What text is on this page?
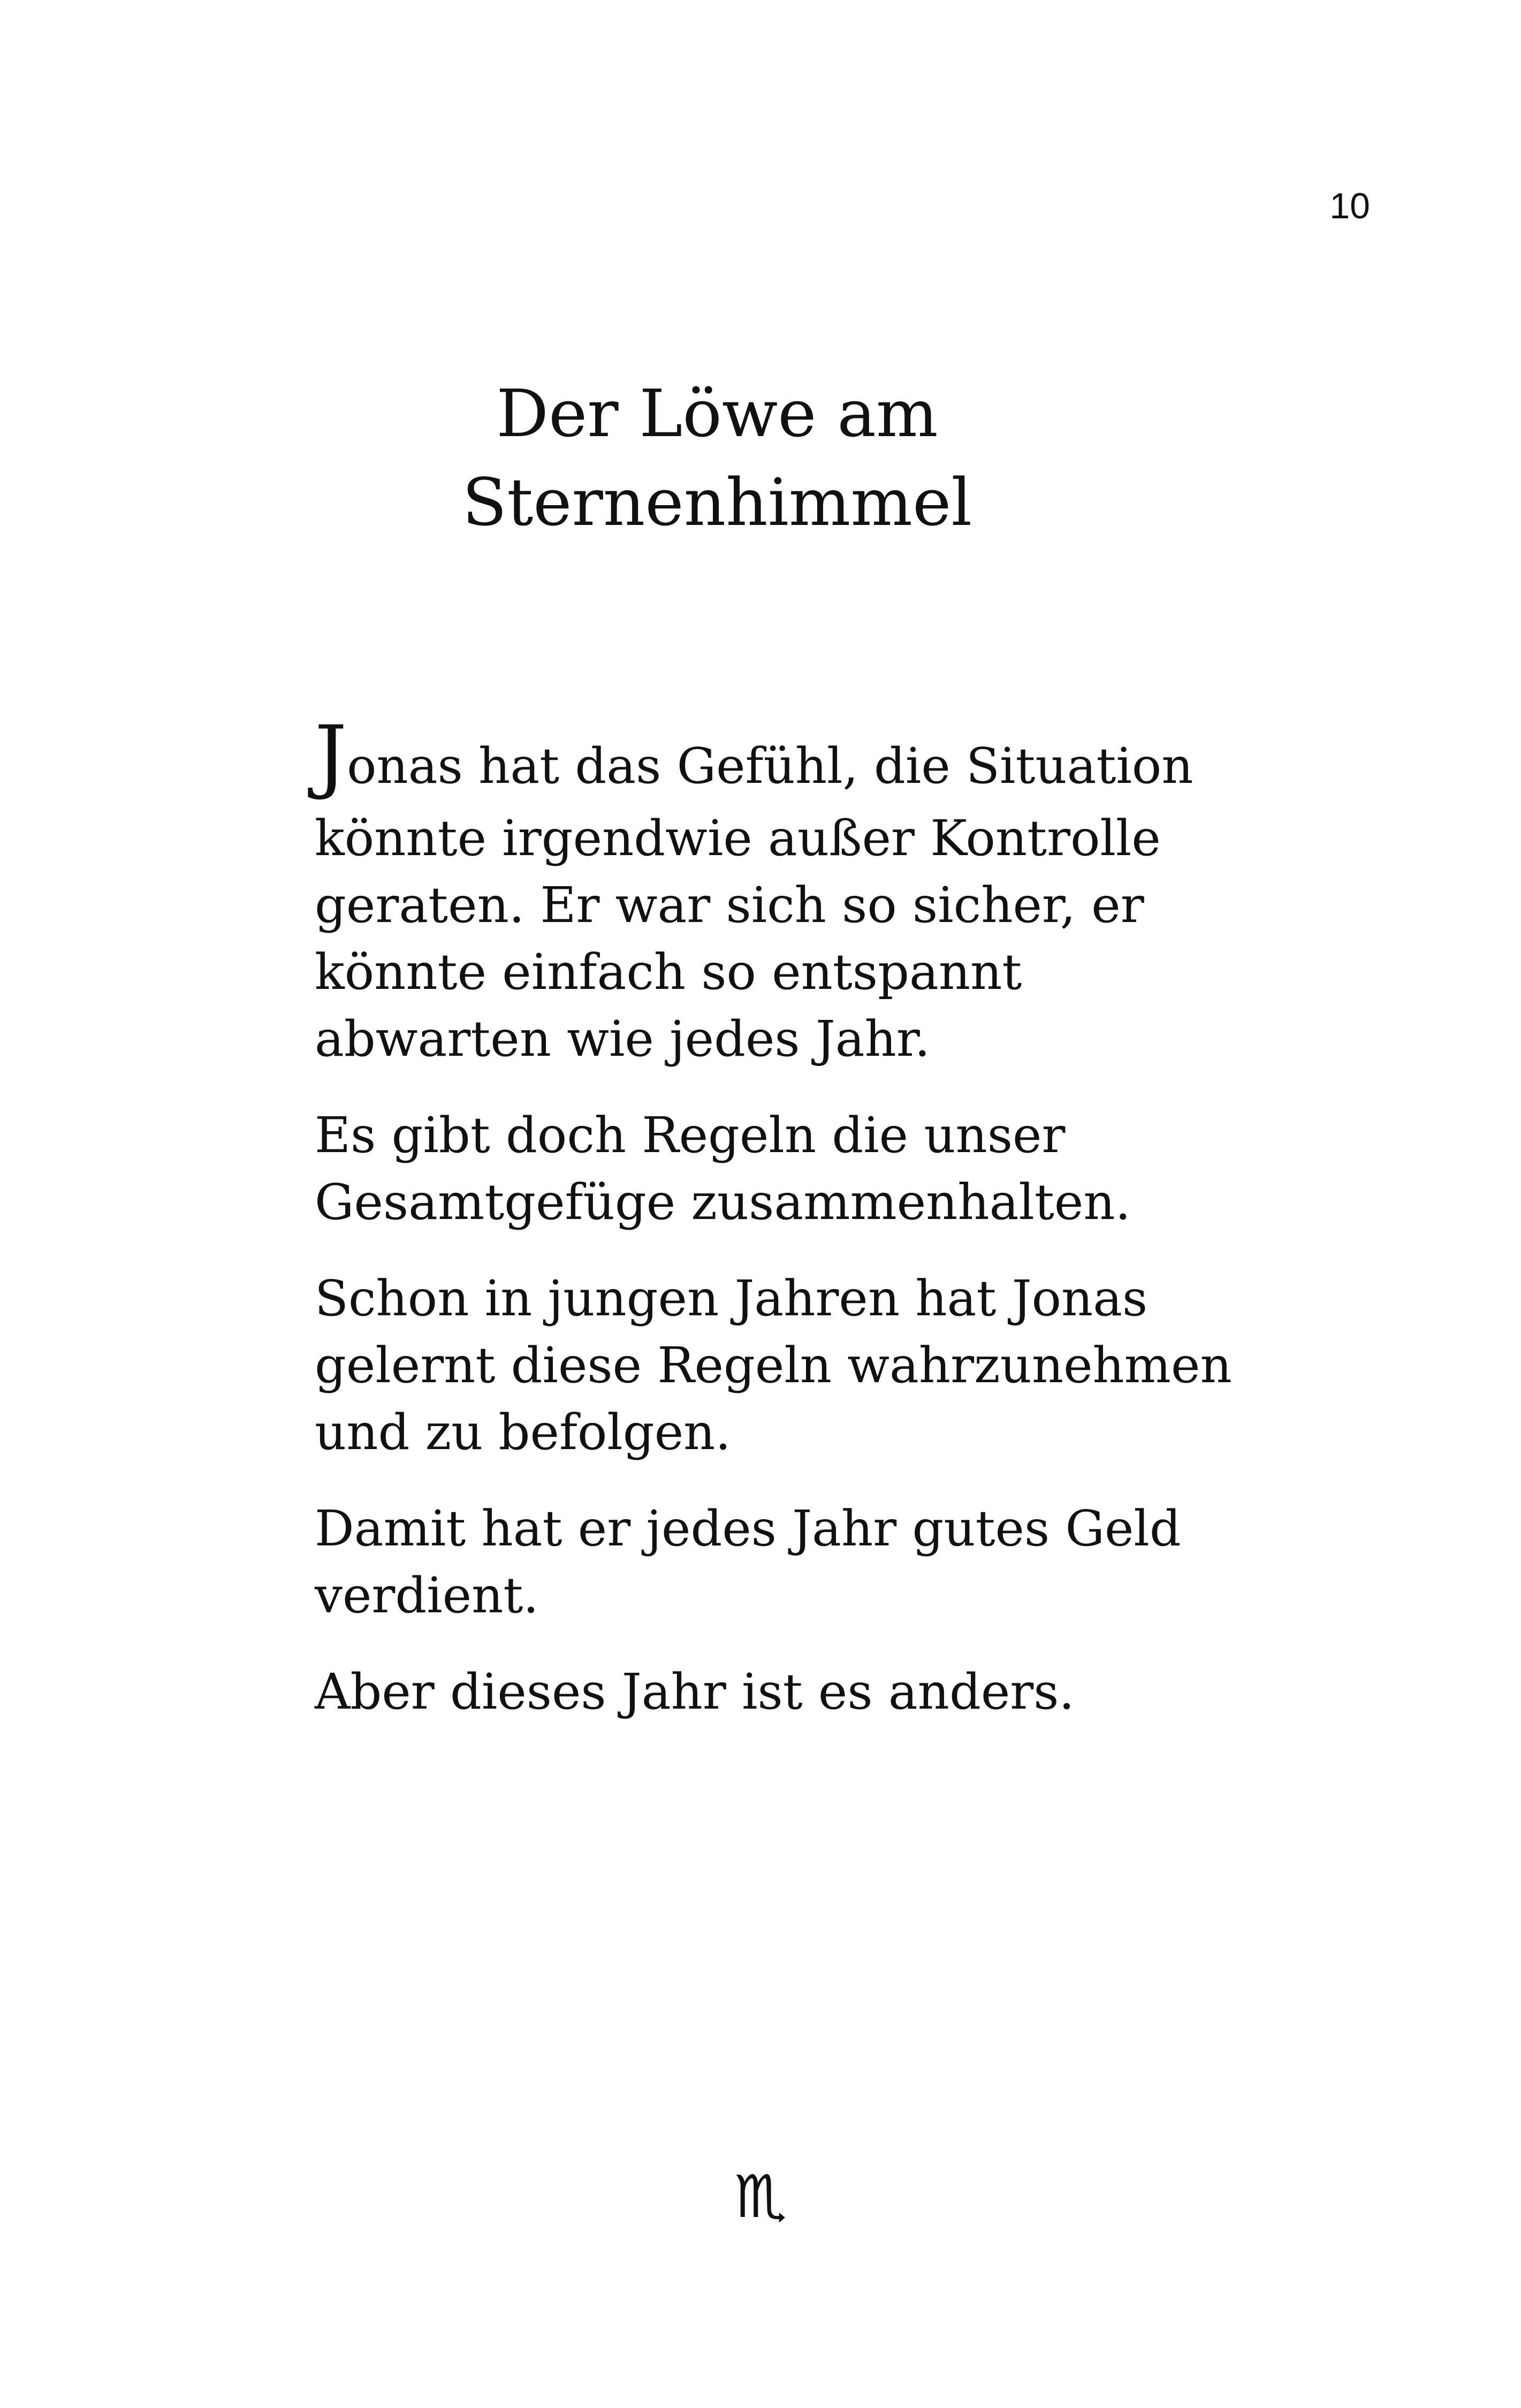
10
Der Löwe am
Sternenhimmel

Jonas hat das Gefühl, die Situation
könnte irgendwie außer Kontrolle
geraten. Er war sich so sicher, er
könnte einfach so entspannt
abwarten wie jedes Jahr.

Es gibt doch Regeln die unser
Gesamtgefüge zusammenhalten.

Schon in jungen Jahren hat Jonas
gelernt diese Regeln wahrzunehmen
und zu befolgen.

Damit hat er jedes Jahr gutes Geld
verdient.

Aber dieses Jahr ist es anders.

♏
